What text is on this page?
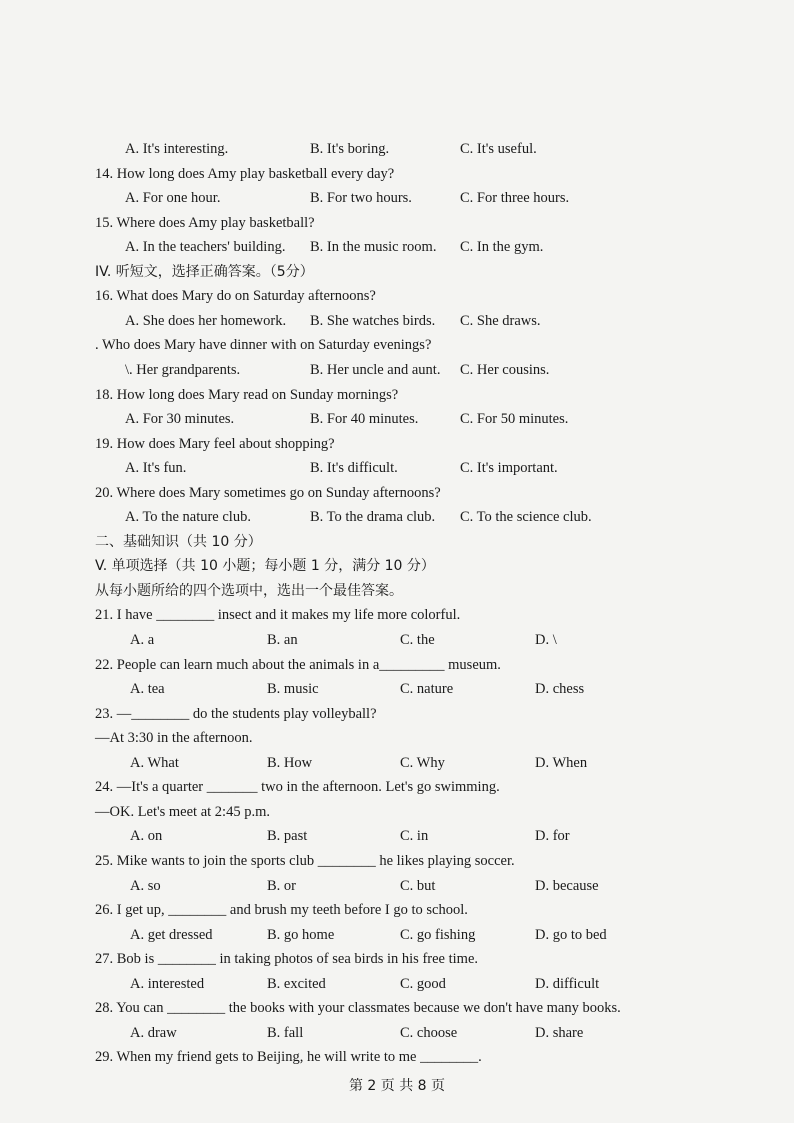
A. It's interesting.	B. It's boring.	C. It's useful.
14. How long does Amy play basketball every day?
A. For one hour.	B. For two hours.	C. For three hours.
15. Where does Amy play basketball?
A. In the teachers' building. B. In the music room. C. In the gym.
IV. 听短文，选择正确答案。（5分）
16. What does Mary do on Saturday afternoons?
A. She does her homework. B. She watches birds. C. She draws.
. Who does Mary have dinner with on Saturday evenings?
\. Her grandparents.	B. Her uncle and aunt. C. Her cousins.
18. How long does Mary read on Sunday mornings?
A. For 30 minutes.	B. For 40 minutes.	C. For 50 minutes.
19. How does Mary feel about shopping?
A. It's fun.	B. It's difficult.	C. It's important.
20. Where does Mary sometimes go on Sunday afternoons?
A. To the nature club.	B. To the drama club. C. To the science club.
二、基础知识（共 10 分）
V. 单项选择（共 10 小题；每小题 1 分，满分 10 分）
从每小题所给的四个选项中，选出一个最佳答案。
21. I have ________ insect and it makes my life more colorful.
A. a	B. an	C. the	D. \
22. People can learn much about the animals in a_________ museum.
A. tea	B. music	C. nature	D. chess
23. —________ do the students play volleyball?
—At 3:30 in the afternoon.
A. What	B. How	C. Why	D. When
24. —It's a quarter _______ two in the afternoon. Let's go swimming.
—OK. Let's meet at 2:45 p.m.
A. on	B. past	C. in	D. for
25. Mike wants to join the sports club ________ he likes playing soccer.
A. so	B. or	C. but	D. because
26. I get up, ________ and brush my teeth before I go to school.
A. get dressed	B. go home	C. go fishing	D. go to bed
27. Bob is ________ in taking photos of sea birds in his free time.
A. interested	B. excited	C. good	D. difficult
28. You can ________ the books with your classmates because we don't have many books.
A. draw	B. fall	C. choose	D. share
29. When my friend gets to Beijing, he will write to me ________.
第 2 页 共 8 页
